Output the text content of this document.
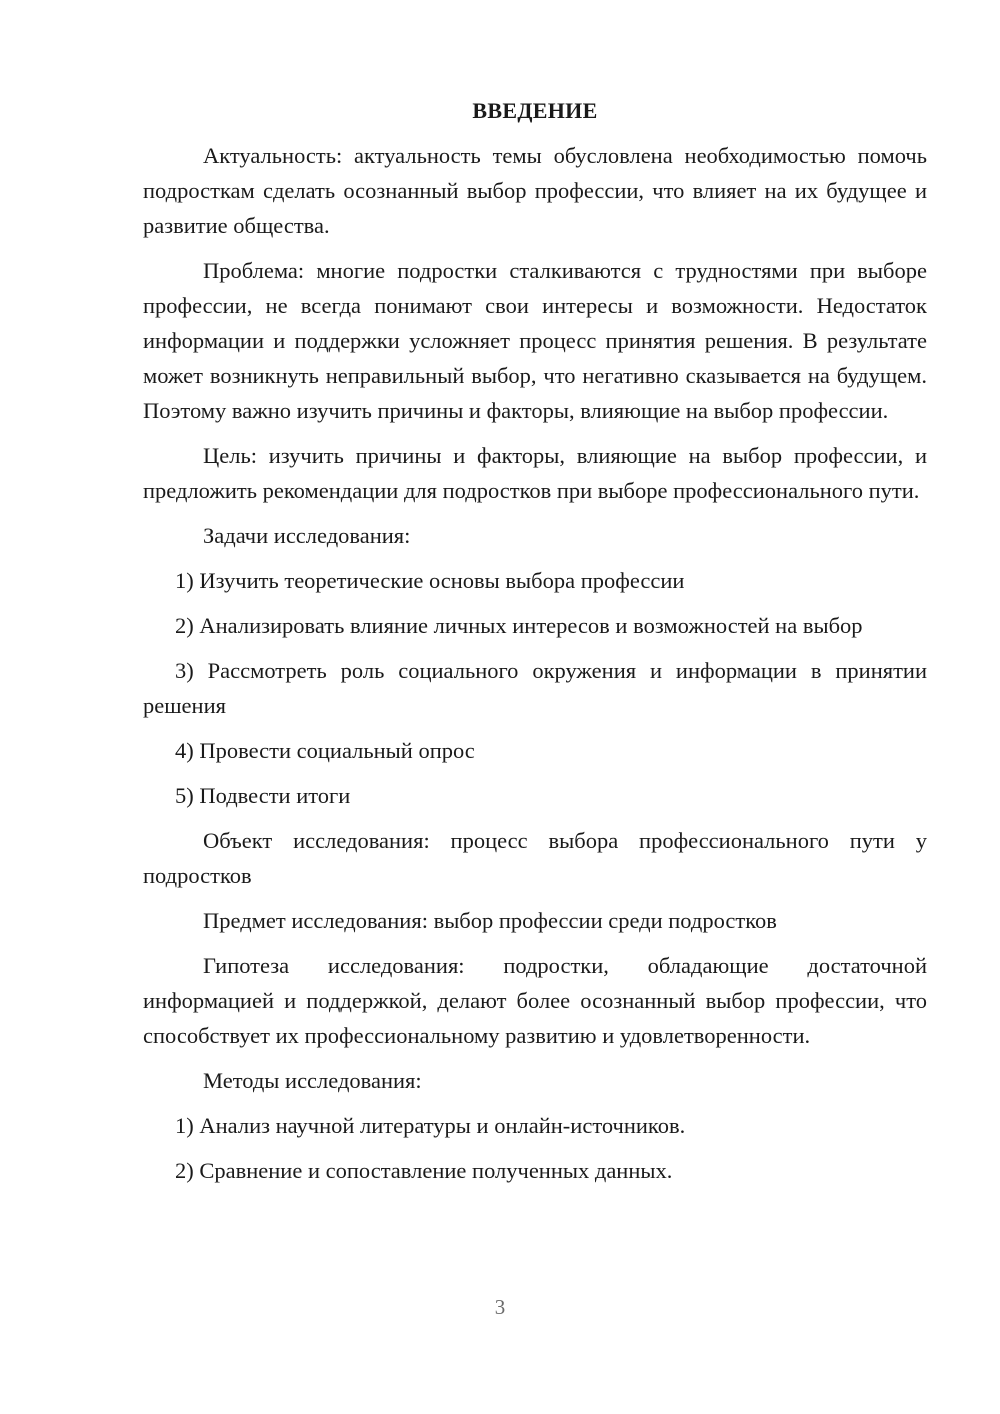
ВВЕДЕНИЕ

Актуальность: актуальность темы обусловлена необходимостью помочь подросткам сделать осознанный выбор профессии, что влияет на их будущее и развитие общества.

Проблема: многие подростки сталкиваются с трудностями при выборе профессии, не всегда понимают свои интересы и возможности. Недостаток информации и поддержки усложняет процесс принятия решения. В результате может возникнуть неправильный выбор, что негативно сказывается на будущем. Поэтому важно изучить причины и факторы, влияющие на выбор профессии.

Цель: изучить причины и факторы, влияющие на выбор профессии, и предложить рекомендации для подростков при выборе профессионального пути.

Задачи исследования:

1) Изучить теоретические основы выбора профессии

2) Анализировать влияние личных интересов и возможностей на выбор

3) Рассмотреть роль социального окружения и информации в принятии решения

4) Провести социальный опрос

5) Подвести итоги

Объект исследования: процесс выбора профессионального пути у подростков

Предмет исследования: выбор профессии среди подростков

Гипотеза исследования: подростки, обладающие достаточной информацией и поддержкой, делают более осознанный выбор профессии, что способствует их профессиональному развитию и удовлетворенности.

Методы исследования:

1) Анализ научной литературы и онлайн-источников.

2) Сравнение и сопоставление полученных данных.

3
